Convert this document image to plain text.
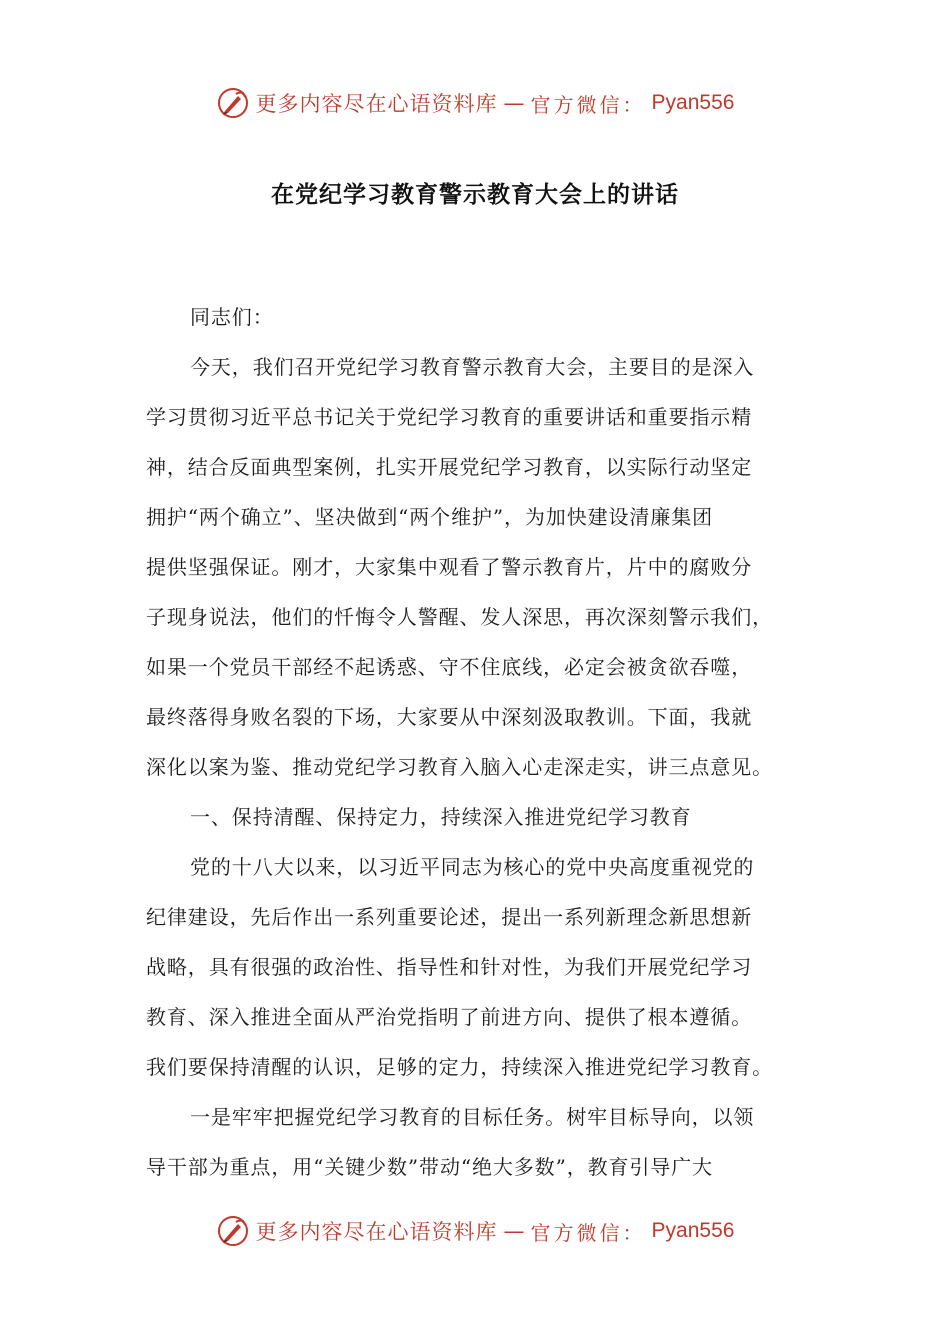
更多内容尽在心语资料库 — 官方微信： Pyan556
在党纪学习教育警示教育大会上的讲话
同志们：
今天，我们召开党纪学习教育警示教育大会，主要目的是深入
学习贯彻习近平总书记关于党纪学习教育的重要讲话和重要指示精
神，结合反面典型案例，扎实开展党纪学习教育，以实际行动坚定
拥护“两个确立”、坚决做到“两个维护”，为加快建设清廉集团
提供坚强保证。刚才，大家集中观看了警示教育片，片中的腐败分
子现身说法，他们的忏悔令人警醒、发人深思，再次深刻警示我们，
如果一个党员干部经不起诱惑、守不住底线，必定会被贪欲吞噬，
最终落得身败名裂的下场，大家要从中深刻汲取教训。下面，我就
深化以案为鉴、推动党纪学习教育入脑入心走深走实，讲三点意见。
一、保持清醒、保持定力，持续深入推进党纪学习教育
党的十八大以来，以习近平同志为核心的党中央高度重视党的
纪律建设，先后作出一系列重要论述，提出一系列新理念新思想新
战略，具有很强的政治性、指导性和针对性，为我们开展党纪学习
教育、深入推进全面从严治党指明了前进方向、提供了根本遵循。
我们要保持清醒的认识，足够的定力，持续深入推进党纪学习教育。
一是牢牢把握党纪学习教育的目标任务。树牢目标导向，以领
导干部为重点，用“关键少数”带动“绝大多数”，教育引导广大
更多内容尽在心语资料库 — 官方微信： Pyan556
